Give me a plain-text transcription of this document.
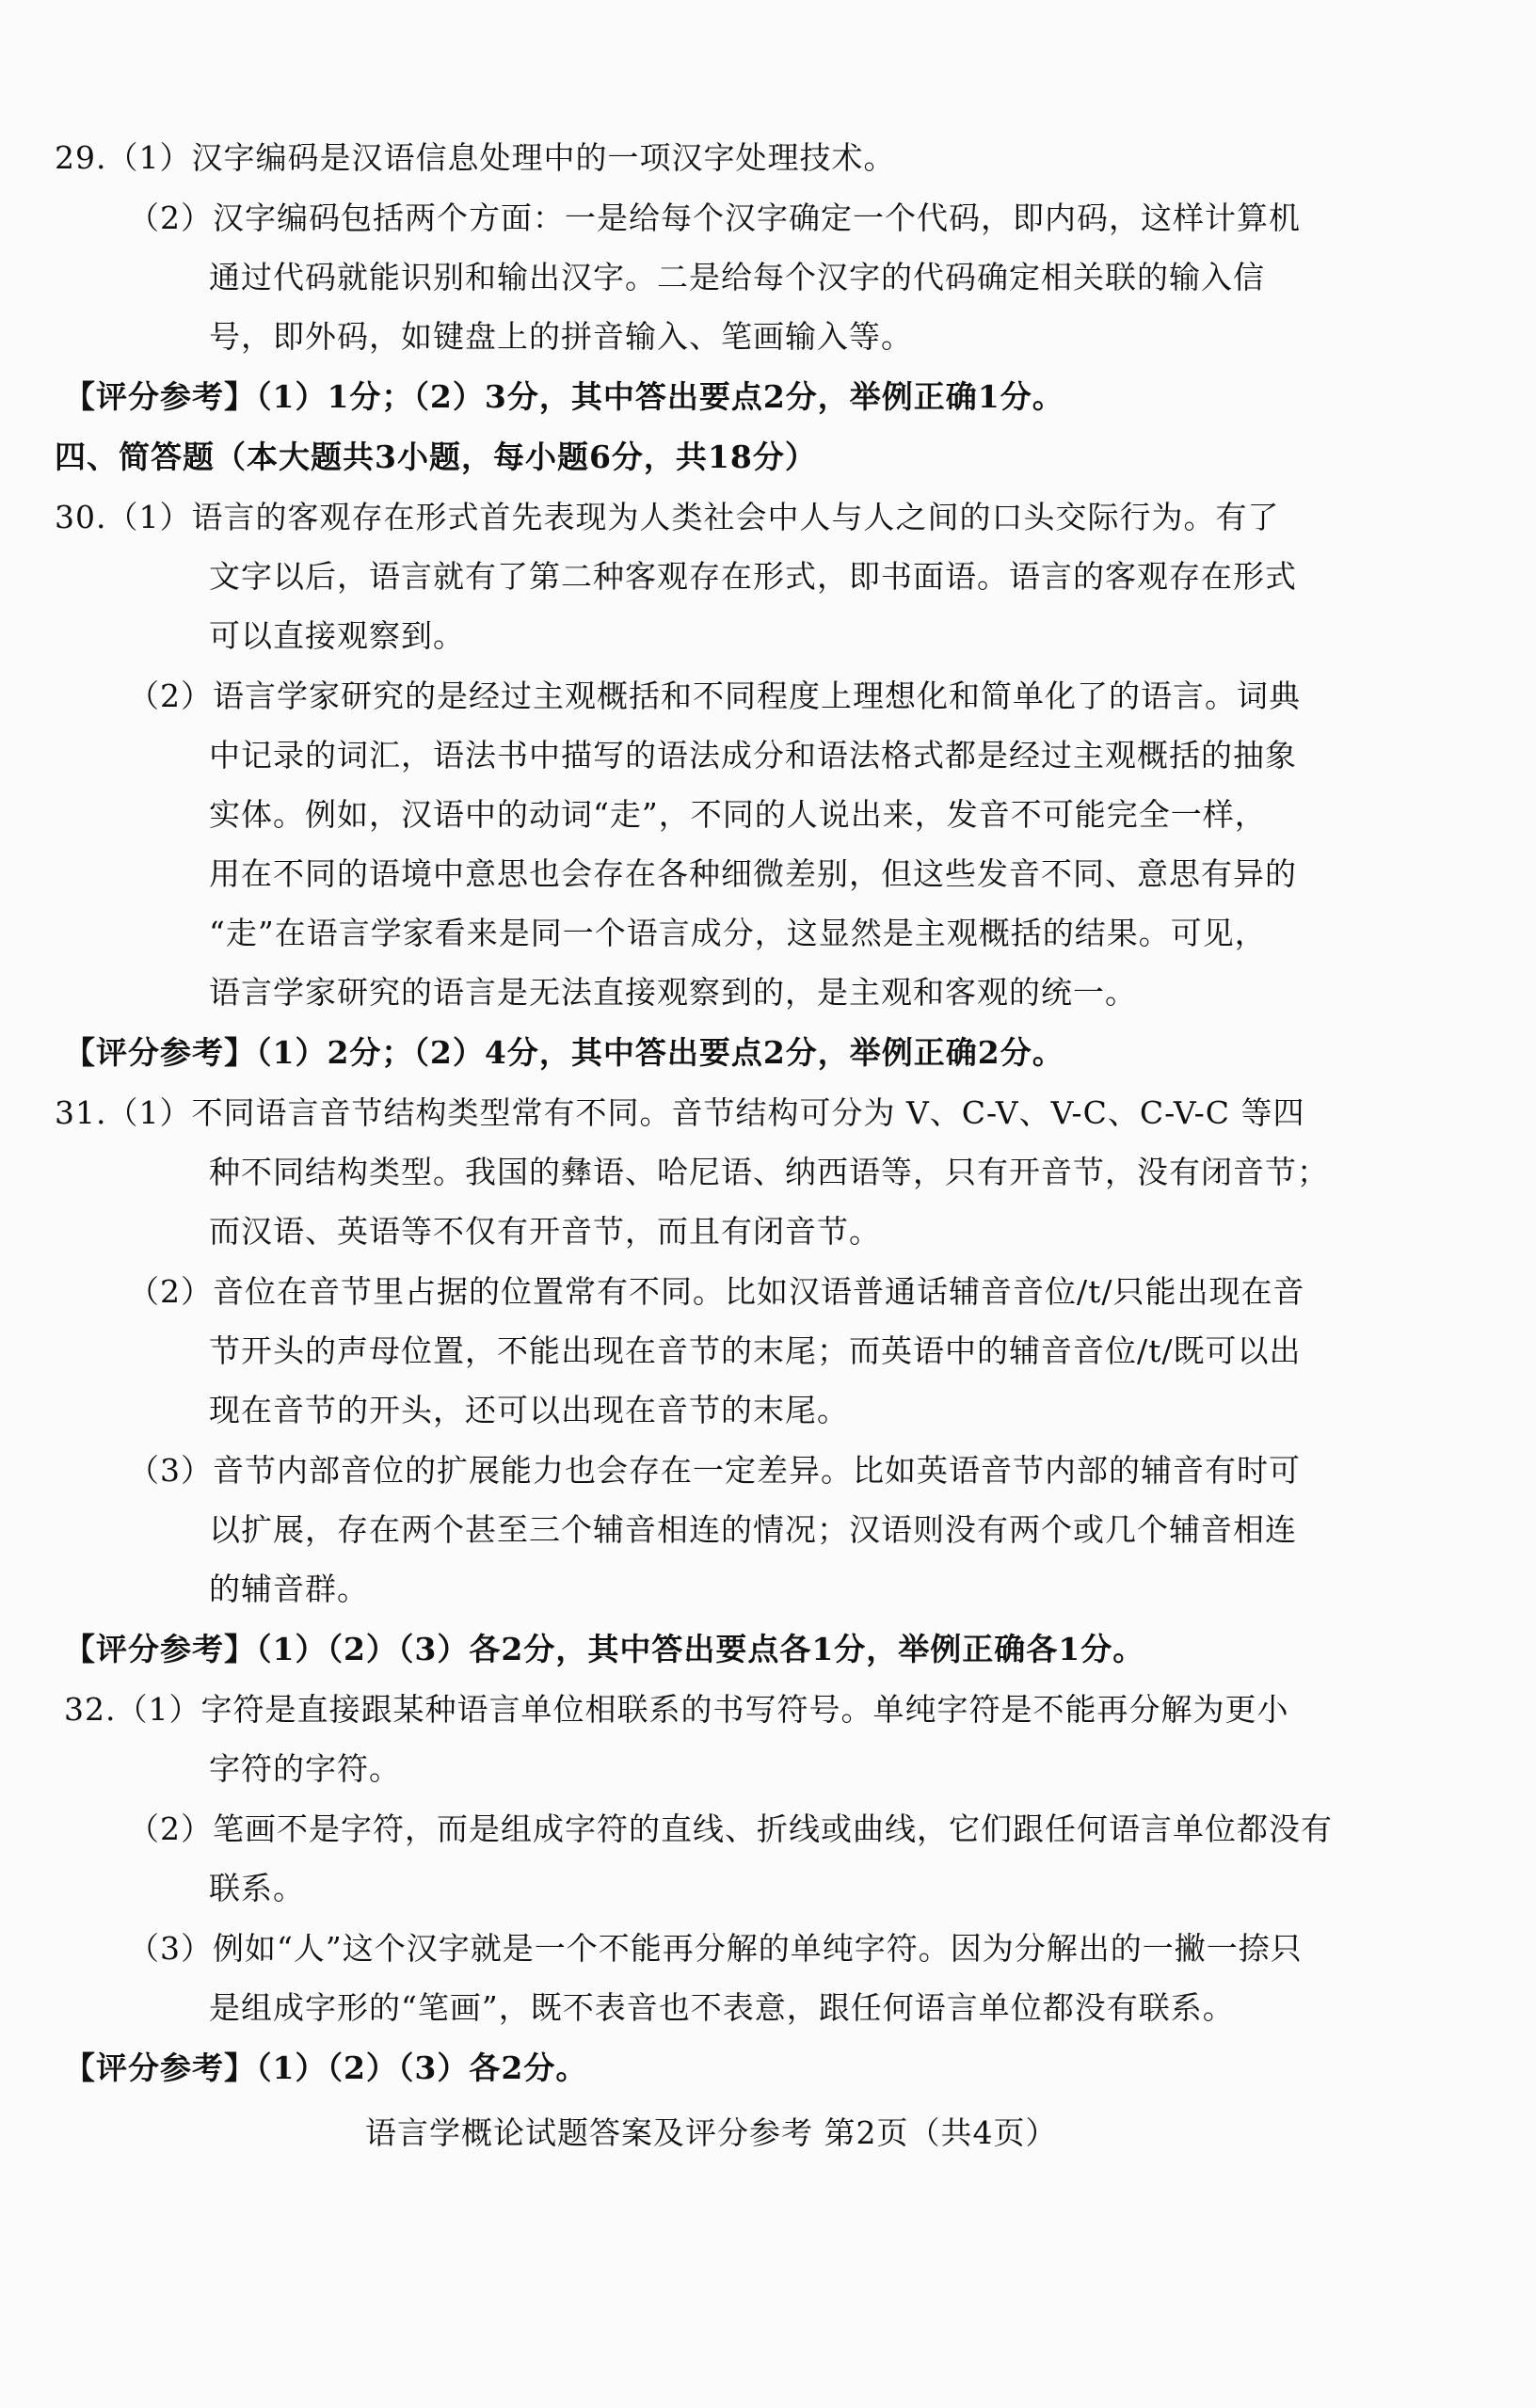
29.（1）汉字编码是汉语信息处理中的一项汉字处理技术。
（2）汉字编码包括两个方面：一是给每个汉字确定一个代码，即内码，这样计算机
通过代码就能识别和输出汉字。二是给每个汉字的代码确定相关联的输入信
号，即外码，如键盘上的拼音输入、笔画输入等。
【评分参考】（1）1分；（2）3分，其中答出要点2分，举例正确1分。
四、简答题（本大题共3小题，每小题6分，共18分）
30.（1）语言的客观存在形式首先表现为人类社会中人与人之间的口头交际行为。有了
文字以后，语言就有了第二种客观存在形式，即书面语。语言的客观存在形式
可以直接观察到。
（2）语言学家研究的是经过主观概括和不同程度上理想化和简单化了的语言。词典
中记录的词汇，语法书中描写的语法成分和语法格式都是经过主观概括的抽象
实体。例如，汉语中的动词“走”，不同的人说出来，发音不可能完全一样，
用在不同的语境中意思也会存在各种细微差别，但这些发音不同、意思有异的
“走”在语言学家看来是同一个语言成分，这显然是主观概括的结果。可见，
语言学家研究的语言是无法直接观察到的，是主观和客观的统一。
【评分参考】（1）2分；（2）4分，其中答出要点2分，举例正确2分。
31.（1）不同语言音节结构类型常有不同。音节结构可分为 V、C-V、V-C、C-V-C 等四
种不同结构类型。我国的彝语、哈尼语、纳西语等，只有开音节，没有闭音节；
而汉语、英语等不仅有开音节，而且有闭音节。
（2）音位在音节里占据的位置常有不同。比如汉语普通话辅音音位/t/只能出现在音
节开头的声母位置，不能出现在音节的末尾；而英语中的辅音音位/t/既可以出
现在音节的开头，还可以出现在音节的末尾。
（3）音节内部音位的扩展能力也会存在一定差异。比如英语音节内部的辅音有时可
以扩展，存在两个甚至三个辅音相连的情况；汉语则没有两个或几个辅音相连
的辅音群。
【评分参考】（1）（2）（3）各2分，其中答出要点各1分，举例正确各1分。
32.（1）字符是直接跟某种语言单位相联系的书写符号。单纯字符是不能再分解为更小
字符的字符。
（2）笔画不是字符，而是组成字符的直线、折线或曲线，它们跟任何语言单位都没有
联系。
（3）例如“人”这个汉字就是一个不能再分解的单纯字符。因为分解出的一撇一捺只
是组成字形的“笔画”，既不表音也不表意，跟任何语言单位都没有联系。
【评分参考】（1）（2）（3）各2分。
语言学概论试题答案及评分参考 第2页（共4页）
